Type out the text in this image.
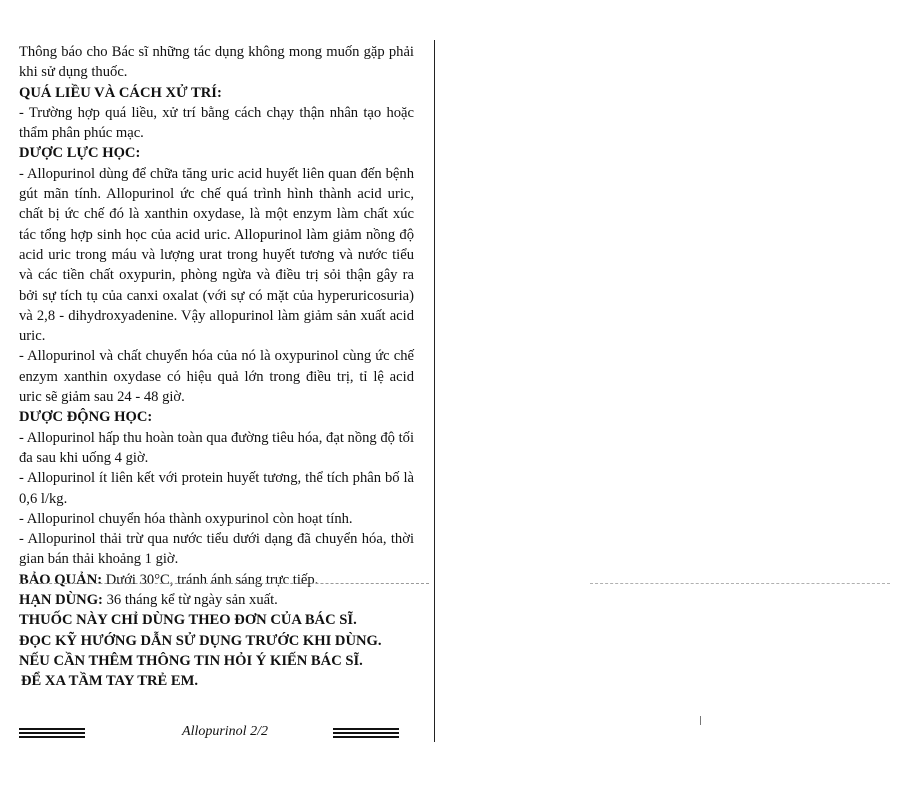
Thông báo cho Bác sĩ những tác dụng không mong muốn gặp phải khi sử dụng thuốc.

QUÁ LIỀU VÀ CÁCH XỬ TRÍ:

- Trường hợp quá liều, xử trí bằng cách chạy thận nhân tạo hoặc thẩm phân phúc mạc.

DƯỢC LỰC HỌC:

- Allopurinol dùng để chữa tăng uric acid huyết liên quan đến bệnh gút mãn tính. Allopurinol ức chế quá trình hình thành acid uric, chất bị ức chế đó là xanthin oxydase, là một enzym làm chất xúc tác tổng hợp sinh học của acid uric. Allopurinol làm giảm nồng độ acid uric trong máu và lượng urat trong huyết tương và nước tiểu và các tiền chất oxypurin, phòng ngừa và điều trị sỏi thận gây ra bởi sự tích tụ của canxi oxalat (với sự có mặt của hyperuricosuria) và 2,8 - dihydroxyadenine. Vậy allopurinol làm giảm sản xuất acid uric.

- Allopurinol và chất chuyển hóa của nó là oxypurinol cùng ức chế enzym xanthin oxydase có hiệu quả lớn trong điều trị, tỉ lệ acid uric sẽ giảm sau 24 - 48 giờ.

DƯỢC ĐỘNG HỌC:

- Allopurinol hấp thu hoàn toàn qua đường tiêu hóa, đạt nồng độ tối đa sau khi uống 4 giờ.

- Allopurinol ít liên kết với protein huyết tương, thể tích phân bố là 0,6 l/kg.

- Allopurinol chuyển hóa thành oxypurinol còn hoạt tính.

- Allopurinol thải trừ qua nước tiểu dưới dạng đã chuyển hóa, thời gian bán thải khoảng 1 giờ.

BẢO QUẢN: Dưới 30°C, tránh ánh sáng trực tiếp.

HẠN DÙNG: 36 tháng kể từ ngày sản xuất.

THUỐC NÀY CHỈ DÙNG THEO ĐƠN CỦA BÁC SĨ.

ĐỌC KỸ HƯỚNG DẪN SỬ DỤNG TRƯỚC KHI DÙNG.

NẾU CẦN THÊM THÔNG TIN HỎI Ý KIẾN BÁC SĨ.

ĐỂ XA TẦM TAY TRẺ EM.

Allopurinol 2/2
